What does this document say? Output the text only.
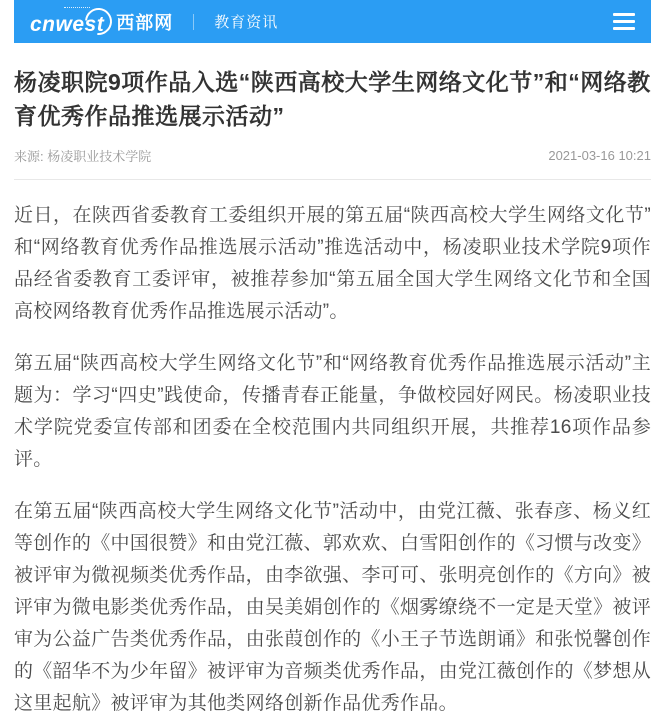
cnwest 西部网	教育资讯
杨凌职院9项作品入选“陕西高校大学生网络文化节”和“网络教育优秀作品推选展示活动”
来源: 杨凌职业技术学院	2021-03-16 10:21

近日，在陕西省委教育工委组织开展的第五届“陕西高校大学生网络文化节”和“网络教育优秀作品推选展示活动”推选活动中，杨凌职业技术学院9项作品经省委教育工委评审，被推荐参加“第五届全国大学生网络文化节和全国高校网络教育优秀作品推选展示活动”。

第五届“陕西高校大学生网络文化节”和“网络教育优秀作品推选展示活动”主题为：学习“四史”践使命，传播青春正能量，争做校园好网民。杨凌职业技术学院党委宣传部和团委在全校范围内共同组织开展，共推荐16项作品参评。

在第五届“陕西高校大学生网络文化节”活动中，由党江薇、张春彦、杨义红等创作的《中国很赞》和由党江薇、郭欢欢、白雪阳创作的《习惯与改变》被评审为微视频类优秀作品，由李欲强、李可可、张明亮创作的《方向》被评审为微电影类优秀作品，由吴美娟创作的《烟雾缭绕不一定是天堂》被评审为公益广告类优秀作品，由张葭创作的《小王子节选朗诵》和张悦馨创作的《韶华不为少年留》被评审为音频类优秀作品，由党江薇创作的《梦想从这里起航》被评审为其他类网络创新作品优秀作品。
